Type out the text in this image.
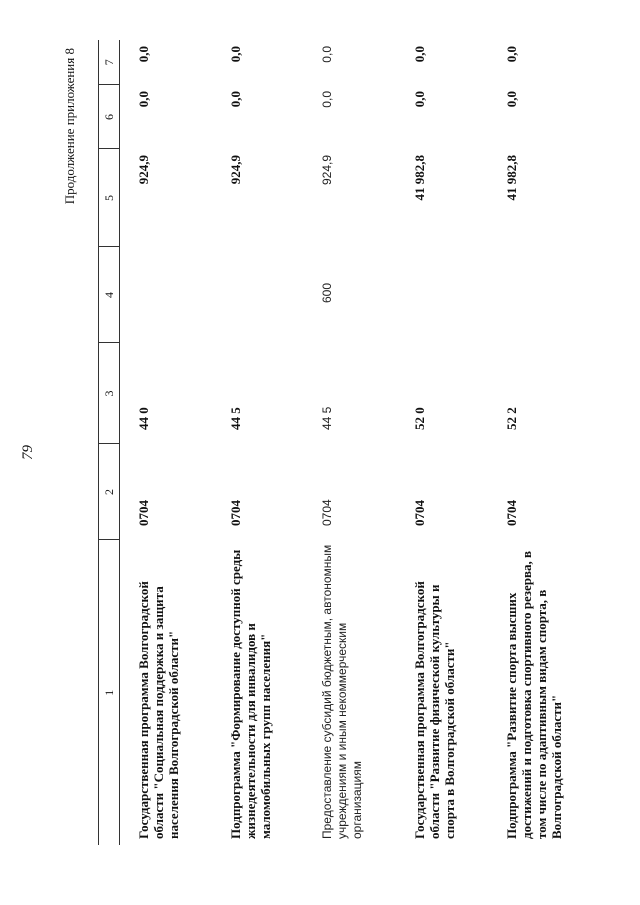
79
Продолжение приложения 8
1	2	3	4	5	6	7

Государственная программа Волгоградской области "Социальная поддержка и защита населения Волгоградской области"	0704	44 0		924,9	0,0	0,0
Подпрограмма "Формирование доступной среды жизнедеятельности для инвалидов и маломобильных групп населения"	0704	44 5		924,9	0,0	0,0
Предоставление субсидий бюджетным, автономным учреждениям и иным некоммерческим организациям	0704	44 5	600	924,9	0,0	0,0
Государственная программа Волгоградской области "Развитие физической культуры и спорта в Волгоградской области"	0704	52 0		41 982,8	0,0	0,0
Подпрограмма "Развитие спорта высших достижений и подготовка спортивного резерва, в том числе по адаптивным видам спорта, в Волгоградской области"	0704	52 2		41 982,8	0,0	0,0
